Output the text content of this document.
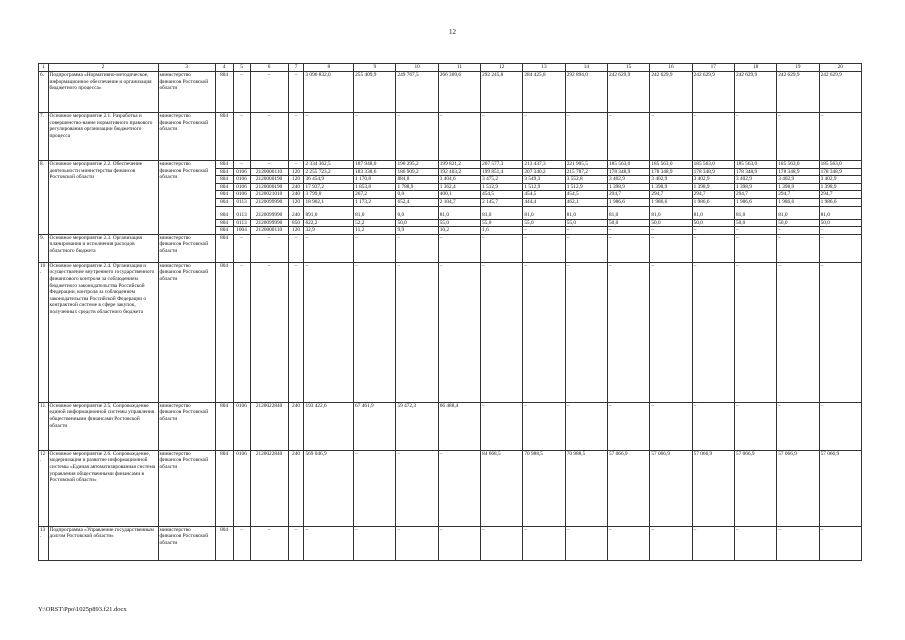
12
1	2	3	4	5	6	7	8	9	10	11	12	13	14	15	16	17	18	19	20
6.	Подпрограмма «Нормативно-методическое, информационное обеспечение и организация бюджетного процесса»	министерство финансов Ростовской области	804	–	–	–	3 096 832,0	255 409,9	249 767,5	266 309,6	292 245,8	284 425,8	292 894,0	242 629,9	242 629,9	242 629,9	242 629,9	242 629,9	242 629,9
7.	Основное мероприятие 2.1. Разработка и совершенство-вание нормативного правового регулирования организации бюджетного процесса	министерство финансов Ростовской области	804	–	–	–	–	–	–	–	–	–	–	–	–	–	–	–	–
8.	Основное мероприятие 2.2. Обеспечение деятельности министерства финансов Ростовской области	министерство финансов Ростовской области	804	–	–	–	2 334 362,5	187 948,0	190 295,2	199 821,2	207 577,3	213 437,3	221 905,5	185 563,0	185 563,0	185 563,0	185 563,0	185 563,0	185 563,0
			804	0106	2120000110	120	2 255 723,2	183 338,6	186 909,2	192 403,2	199 851,4	207 340,2	215 787,2	178 348,9	178 348,9	178 348,9	178 348,9	178 348,9	178 348,9
			804	0106	2120000190	120	36 454,9	1 170,8	884,8	3 404,6	3 475,2	3 549,3	3 552,8	3 402,9	3 402,9	3 402,9	3 402,9	3 402,9	3 402,9
			804	0106	2120000190	240	17 937,2	1 853,8	1 788,9	1 362,4	1 512,9	1 512,9	1 512,9	1 398,9	1 398,9	1 398,9	1 398,9	1 398,9	1 398,9
			804	0106	2120021010	240	3 799,0	267,2	0,0	400,1	454,5	454,5	454,5	294,7	294,7	294,7	294,7	294,7	294,7
			804	0113	2120099990	120	18 902,1	1 173,2	652,4	2 104,7	2 145,7	444,4	462,1	1 986,6	1 986,6	1 986,6	1 986,6	1 986,6	1 986,6
			804	0113	2120099990	240	891,0	81,0	0,0	81,0	81,0	81,0	81,0	81,0	81,0	81,0	81,0	81,0	81,0
			804	0113	2120099990	850	622,2	52,2	50,0	55,0	55,0	55,0	55,0	50,0	50,0	50,0	50,0	50,0	50,0
			804	1004	2120000110	120	32,9	11,2	9,9	10,2	1,6	–	–	–	–	–	–	–	–
9.	Основное мероприятие 2.3. Организация планирования и исполнения расходов областного бюджета	министерство финансов Ростовской области	804	–	–	–	–	–	–	–	–	–	–	–	–	–	–	–	–
10.	Основное мероприятие 2.4. Организация и осуществление внутреннего государственного финансового контроля за соблюдением бюджетного законодательства Российской Федерации, контроля за соблюдением законодательства Российской Федерации о контрактной системе в сфере закупок, полученных средств областного бюджета	министерство финансов Ростовской области	804	–	–	–	–	–	–	–	–	–	–	–	–	–	–	–	–
11.	Основное мероприятие 2.5. Сопровождение единой информационной системы управления общественными финансами Ростовской области	министерство финансов Ростовской области	804	0106	2120022840	240	193 422,6	67 461,9	59 472,3	66 488,4	–	–	–	–	–	–	–	–	–
12.	Основное мероприятие 2.6. Сопровождение, модернизация и развитие информационной системы «Единая автоматизированная система управления общественными финансами в Ростовской области»	министерство финансов Ростовской области	804	0106	2120022840	240	569 046,9	–	–	–	84 668,5	70 988,5	70 988,5	57 066,9	57 066,9	57 066,9	57 066,9	57 066,9	57 066,9
13.	Подпрограмма «Управление государственным долгом Ростовской области»	министерство финансов Ростовской области	804	–	–	–	–	–	–	–	–	–	–	–	–	–	–	–	–
Y:\ORST\Ppo\1025p893.f21.docx
